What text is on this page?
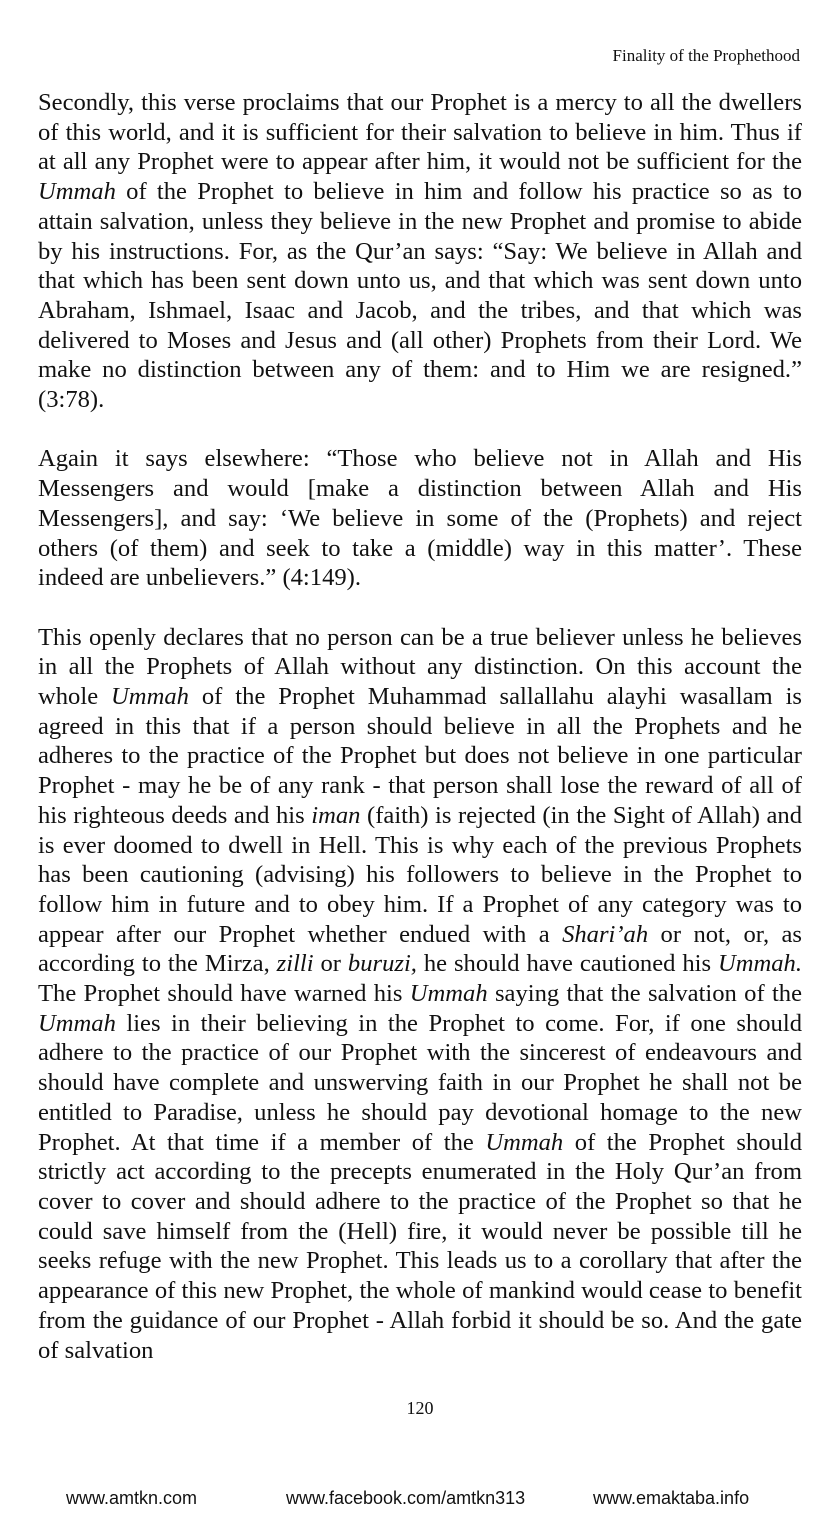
Finality of the Prophethood

Secondly, this verse proclaims that our Prophet is a mercy to all the dwellers of this world, and it is sufficient for their salvation to believe in him. Thus if at all any Prophet were to appear after him, it would not be sufficient for the Ummah of the Prophet to believe in him and follow his practice so as to attain salvation, unless they believe in the new Prophet and promise to abide by his instructions. For, as the Qur’an says: “Say: We believe in Allah and that which has been sent down unto us, and that which was sent down unto Abraham, Ishmael, Isaac and Jacob, and the tribes, and that which was delivered to Moses and Jesus and (all other) Prophets from their Lord. We make no distinction between any of them: and to Him we are resigned.” (3:78).

Again it says elsewhere: “Those who believe not in Allah and His Messengers and would [make a distinction between Allah and His Messengers], and say: ‘We believe in some of the (Prophets) and reject others (of them) and seek to take a (middle) way in this matter’. These indeed are unbelievers.” (4:149).

This openly declares that no person can be a true believer unless he believes in all the Prophets of Allah without any distinction. On this account the whole Ummah of the Prophet Muhammad sallallahu alayhi wasallam is agreed in this that if a person should believe in all the Prophets and he adheres to the practice of the Prophet but does not believe in one particular Prophet - may he be of any rank - that person shall lose the reward of all of his righteous deeds and his iman (faith) is rejected (in the Sight of Allah) and is ever doomed to dwell in Hell. This is why each of the previous Prophets has been cautioning (advising) his followers to believe in the Prophet to follow him in future and to obey him. If a Prophet of any category was to appear after our Prophet whether endued with a Shari’ah or not, or, as according to the Mirza, zilli or buruzi, he should have cautioned his Ummah. The Prophet should have warned his Ummah saying that the salvation of the Ummah lies in their believing in the Prophet to come. For, if one should adhere to the practice of our Prophet with the sincerest of endeavours and should have complete and unswerving faith in our Prophet he shall not be entitled to Paradise, unless he should pay devotional homage to the new Prophet. At that time if a member of the Ummah of the Prophet should strictly act according to the precepts enumerated in the Holy Qur’an from cover to cover and should adhere to the practice of the Prophet so that he could save himself from the (Hell) fire, it would never be possible till he seeks refuge with the new Prophet. This leads us to a corollary that after the appearance of this new Prophet, the whole of mankind would cease to benefit from the guidance of our Prophet - Allah forbid it should be so. And the gate of salvation

120
www.amtkn.com	www.facebook.com/amtkn313	www.emaktaba.info
